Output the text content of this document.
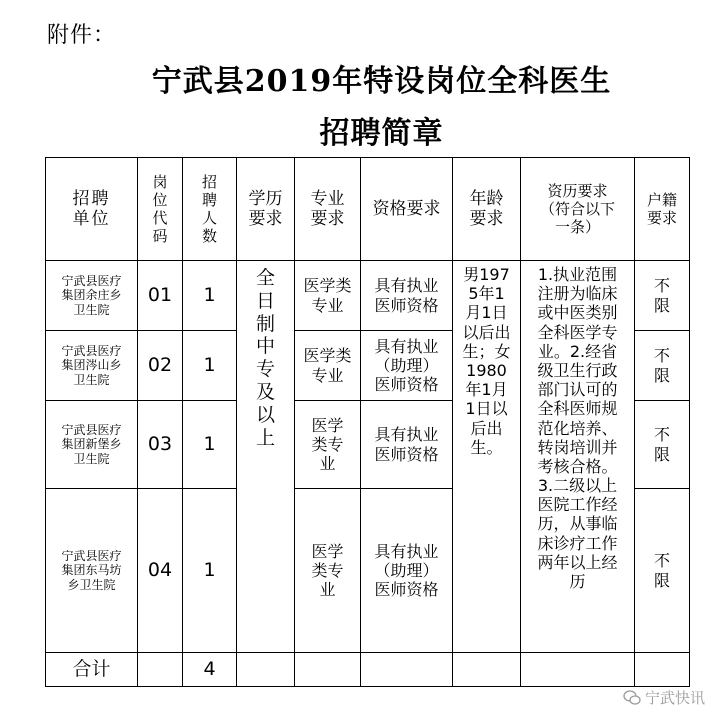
附件：
宁武县2019年特设岗位全科医生
招聘简章
招聘单位	岗位代码	招聘人数	学历要求	专业要求	资格要求	年龄要求	资历要求（符合以下一条）	户籍要求
宁武县医疗集团余庄乡卫生院	01	1	全日制中专及以上	医学类专业	具有执业医师资格	男1975年1月1日以后出生；女1980年1月1日以后出生。	1.执业范围注册为临床或中医类别全科医学专业。2.经省级卫生行政部门认可的全科医师规范化培养、转岗培训并考核合格。3.二级以上医院工作经历，从事临床诊疗工作两年以上经历	不限
宁武县医疗集团涔山乡卫生院	02	1		医学类专业	具有执业（助理）医师资格			不限
宁武县医疗集团新堡乡卫生院	03	1		医学类专业	具有执业医师资格			不限
宁武县医疗集团东马坊乡卫生院	04	1		医学类专业	具有执业（助理）医师资格			不限
合计		4						
宁武快讯
